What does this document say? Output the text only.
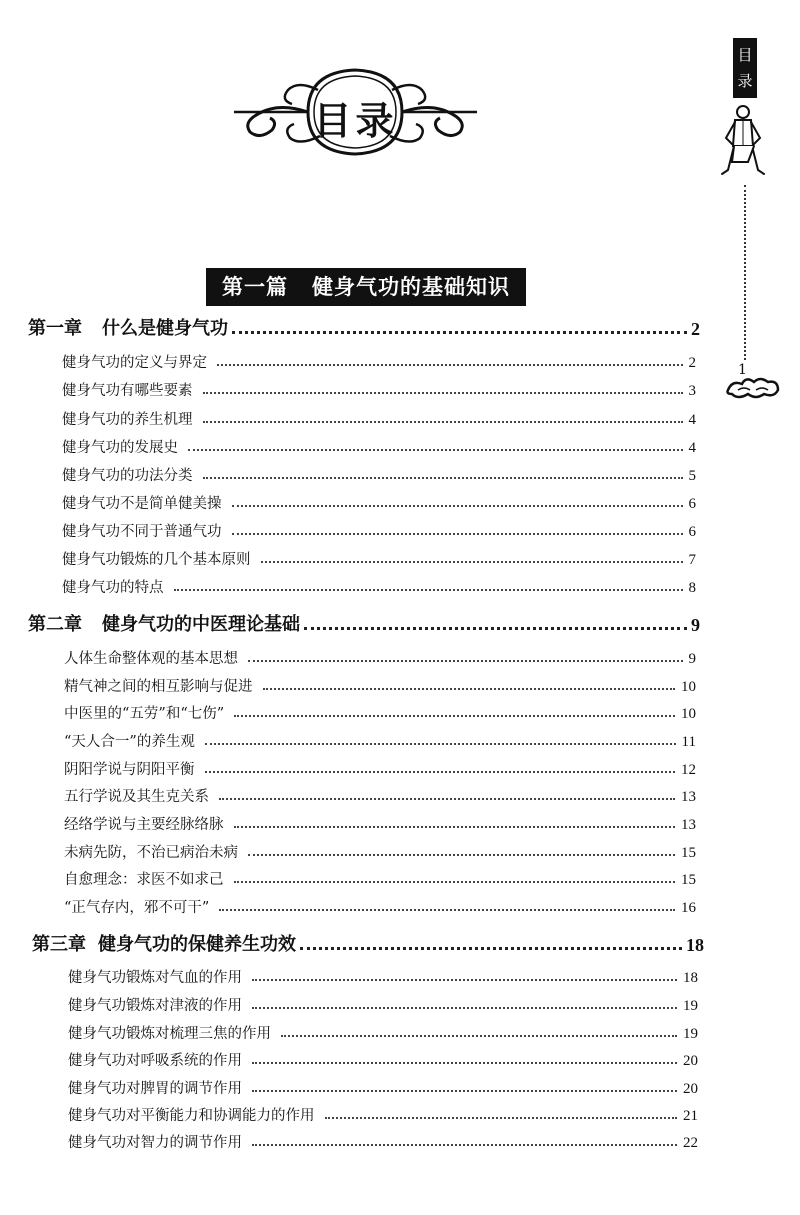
目录
目
录
1
第一篇 健身气功的基础知识
第一章 什么是健身气功	2
健身气功的定义与界定	2
健身气功有哪些要素	3
健身气功的养生机理	4
健身气功的发展史	4
健身气功的功法分类	5
健身气功不是简单健美操	6
健身气功不同于普通气功	6
健身气功锻炼的几个基本原则	7
健身气功的特点	8
第二章 健身气功的中医理论基础	9
人体生命整体观的基本思想	9
精气神之间的相互影响与促进	10
中医里的“五劳”和“七伤”	10
“天人合一”的养生观	11
阴阳学说与阴阳平衡	12
五行学说及其生克关系	13
经络学说与主要经脉络脉	13
未病先防，不治已病治未病	15
自愈理念：求医不如求己	15
“正气存内，邪不可干”	16
第三章 健身气功的保健养生功效	18
健身气功锻炼对气血的作用	18
健身气功锻炼对津液的作用	19
健身气功锻炼对梳理三焦的作用	19
健身气功对呼吸系统的作用	20
健身气功对脾胃的调节作用	20
健身气功对平衡能力和协调能力的作用	21
健身气功对智力的调节作用	22
